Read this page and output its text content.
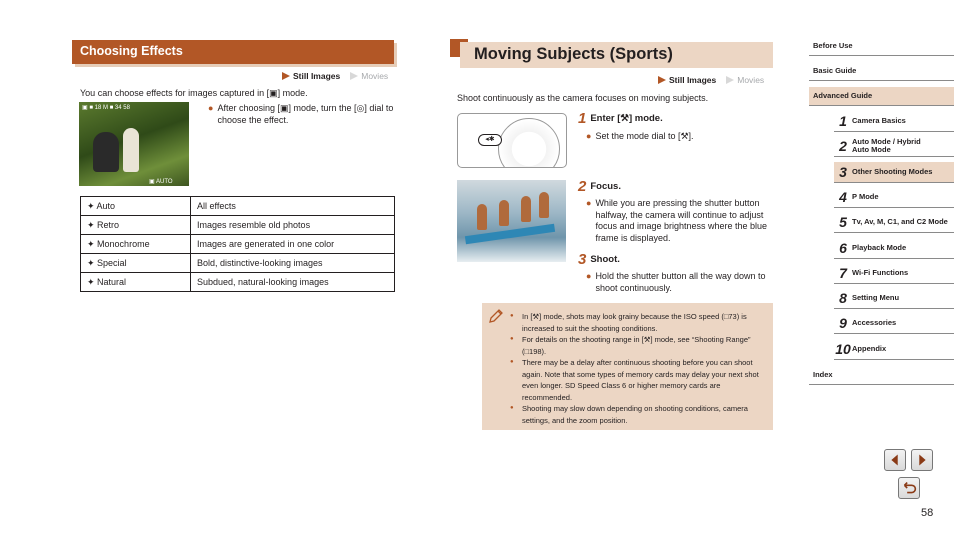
Choosing Effects
Still Images	Movies
You can choose effects for images captured in [▣] mode.
▣ ■ 18 M ■ 34 58
▣ AUTO
● After choosing [▣] mode, turn the [◎] dial to choose the effect.
✦ Auto	All effects
✦ Retro	Images resemble old photos
✦ Monochrome	Images are generated in one color
✦ Special	Bold, distinctive-looking images
✦ Natural	Subdued, natural-looking images
Moving Subjects (Sports)
Still Images	Movies
Shoot continuously as the camera focuses on moving subjects.
◂✱
1 Enter [⚒] mode.
● Set the mode dial to [⚒].
2 Focus.
● While you are pressing the shutter button halfway, the camera will continue to adjust focus and image brightness where the blue frame is displayed.
3 Shoot.
● Hold the shutter button all the way down to shoot continuously.
● In [⚒] mode, shots may look grainy because the ISO speed (□73) is increased to suit the shooting conditions.
● For details on the shooting range in [⚒] mode, see “Shooting Range” (□198).
● There may be a delay after continuous shooting before you can shoot again. Note that some types of memory cards may delay your next shot even longer. SD Speed Class 6 or higher memory cards are recommended.
● Shooting may slow down depending on shooting conditions, camera settings, and the zoom position.
Before Use
Basic Guide
Advanced Guide
1 Camera Basics
2 Auto Mode / Hybrid Auto Mode
3 Other Shooting Modes
4 P Mode
5 Tv, Av, M, C1, and C2 Mode
6 Playback Mode
7 Wi-Fi Functions
8 Setting Menu
9 Accessories
10 Appendix
Index
58
